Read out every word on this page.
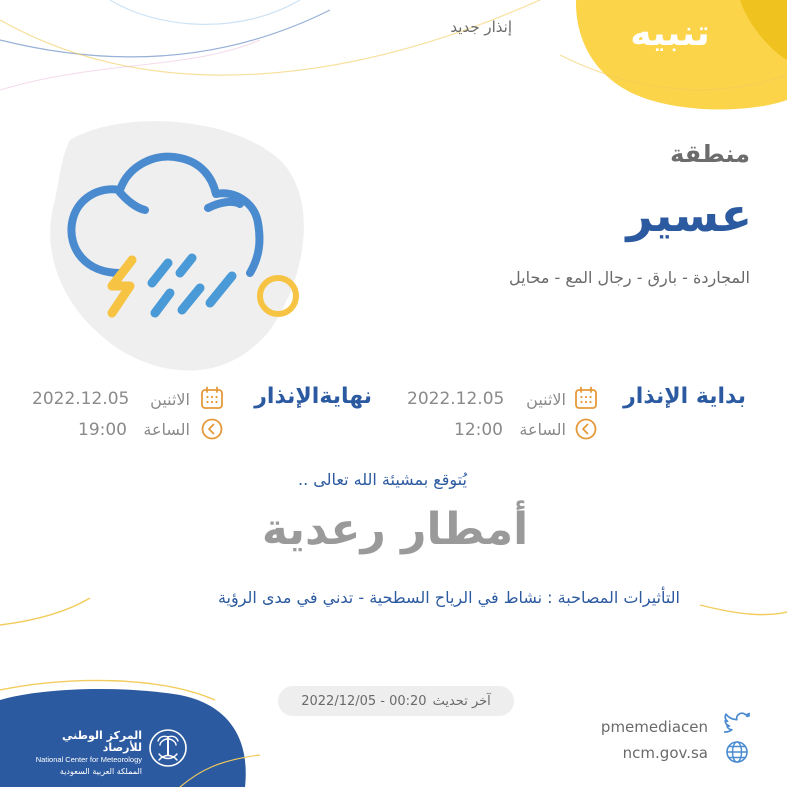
تنبيه
إنذار جديد
منطقة
عسير
المجاردة - بارق - رجال المع - محايل
بداية الإنذار
الاثنين
2022.12.05
الساعة
12:00
نهايةالإنذار
الاثنين
2022.12.05
الساعة
19:00
يُتوقع بمشيئة الله تعالى ..
أمطار رعدية
التأثيرات المصاحبة : نشاط في الرياح السطحية - تدني في مدى الرؤية
آخر تحديث
2022/12/05 - 00:20
pmemediacen
ncm.gov.sa
المركز الوطني للأرصاد
National Center for Meteorology
المملكة العربية السعودية
